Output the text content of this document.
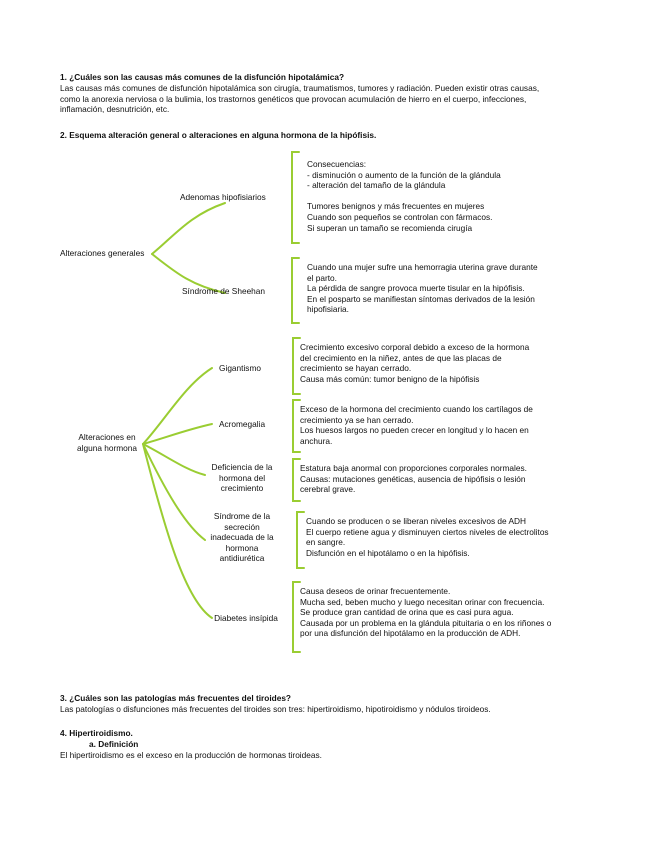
1. ¿Cuáles son las causas más comunes de la disfunción hipotalámica?
Las causas más comunes de disfunción hipotalámica son cirugía, traumatismos, tumores y radiación. Pueden existir otras causas,
como la anorexia nerviosa o la bulimia, los trastornos genéticos que provocan acumulación de hierro en el cuerpo, infecciones,
inflamación, desnutrición, etc.
2. Esquema alteración general o alteraciones en alguna hormona de la hipófisis.
Alteraciones generales
Adenomas hipofisiarios
Consecuencias:
- disminución o aumento de la función de la glándula
- alteración del tamaño de la glándula

Tumores benignos y más frecuentes en mujeres
Cuando son pequeños se controlan con fármacos.
Si superan un tamaño se recomienda cirugía
Síndrome de Sheehan
Cuando una mujer sufre una hemorragia uterina grave durante
el parto.
La pérdida de sangre provoca muerte tisular en la hipófisis.
En el posparto se manifiestan síntomas derivados de la lesión
hipofisiaria.
Alteraciones en
alguna hormona
Gigantismo
Crecimiento excesivo corporal debido a exceso de la hormona
del crecimiento en la niñez, antes de que las placas de
crecimiento se hayan cerrado.
Causa más común: tumor benigno de la hipófisis
Acromegalia
Exceso de la hormona del crecimiento cuando los cartílagos de
crecimiento ya se han cerrado.
Los huesos largos no pueden crecer en longitud y lo hacen en
anchura.
Deficiencia de la
hormona del
crecimiento
Estatura baja anormal con proporciones corporales normales.
Causas: mutaciones genéticas, ausencia de hipófisis o lesión
cerebral grave.
Síndrome de la
secreción
inadecuada de la
hormona
antidiurética
Cuando se producen o se liberan niveles excesivos de ADH
El cuerpo retiene agua y disminuyen ciertos niveles de electrolitos
en sangre.
Disfunción en el hipotálamo o en la hipófisis.
Diabetes insípida
Causa deseos de orinar frecuentemente.
Mucha sed, beben mucho y luego necesitan orinar con frecuencia.
Se produce gran cantidad de orina que es casi pura agua.
Causada por un problema en la glándula pituitaria o en los riñones o
por una disfunción del hipotálamo en la producción de ADH.
3. ¿Cuáles son las patologías más frecuentes del tiroides?
Las patologías o disfunciones más frecuentes del tiroides son tres: hipertiroidismo, hipotiroidismo y nódulos tiroideos.
4. Hipertiroidismo.
a. Definición
El hipertiroidismo es el exceso en la producción de hormonas tiroideas.
